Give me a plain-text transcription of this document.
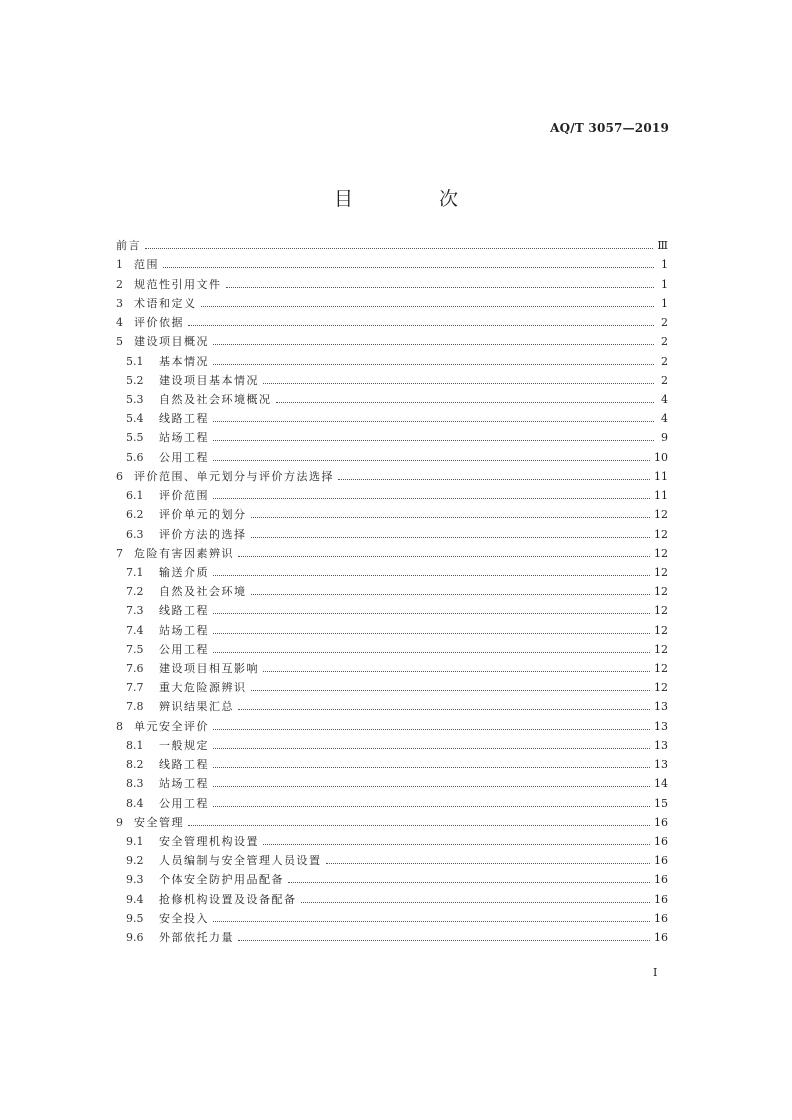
AQ/T 3057—2019
目 次
前言	Ⅲ
1	范围	1
2	规范性引用文件	1
3	术语和定义	1
4	评价依据	2
5	建设项目概况	2
5.1	基本情况	2
5.2	建设项目基本情况	2
5.3	自然及社会环境概况	4
5.4	线路工程	4
5.5	站场工程	9
5.6	公用工程	10
6	评价范围、单元划分与评价方法选择	11
6.1	评价范围	11
6.2	评价单元的划分	12
6.3	评价方法的选择	12
7	危险有害因素辨识	12
7.1	输送介质	12
7.2	自然及社会环境	12
7.3	线路工程	12
7.4	站场工程	12
7.5	公用工程	12
7.6	建设项目相互影响	12
7.7	重大危险源辨识	12
7.8	辨识结果汇总	13
8	单元安全评价	13
8.1	一般规定	13
8.2	线路工程	13
8.3	站场工程	14
8.4	公用工程	15
9	安全管理	16
9.1	安全管理机构设置	16
9.2	人员编制与安全管理人员设置	16
9.3	个体安全防护用品配备	16
9.4	抢修机构设置及设备配备	16
9.5	安全投入	16
9.6	外部依托力量	16
I
